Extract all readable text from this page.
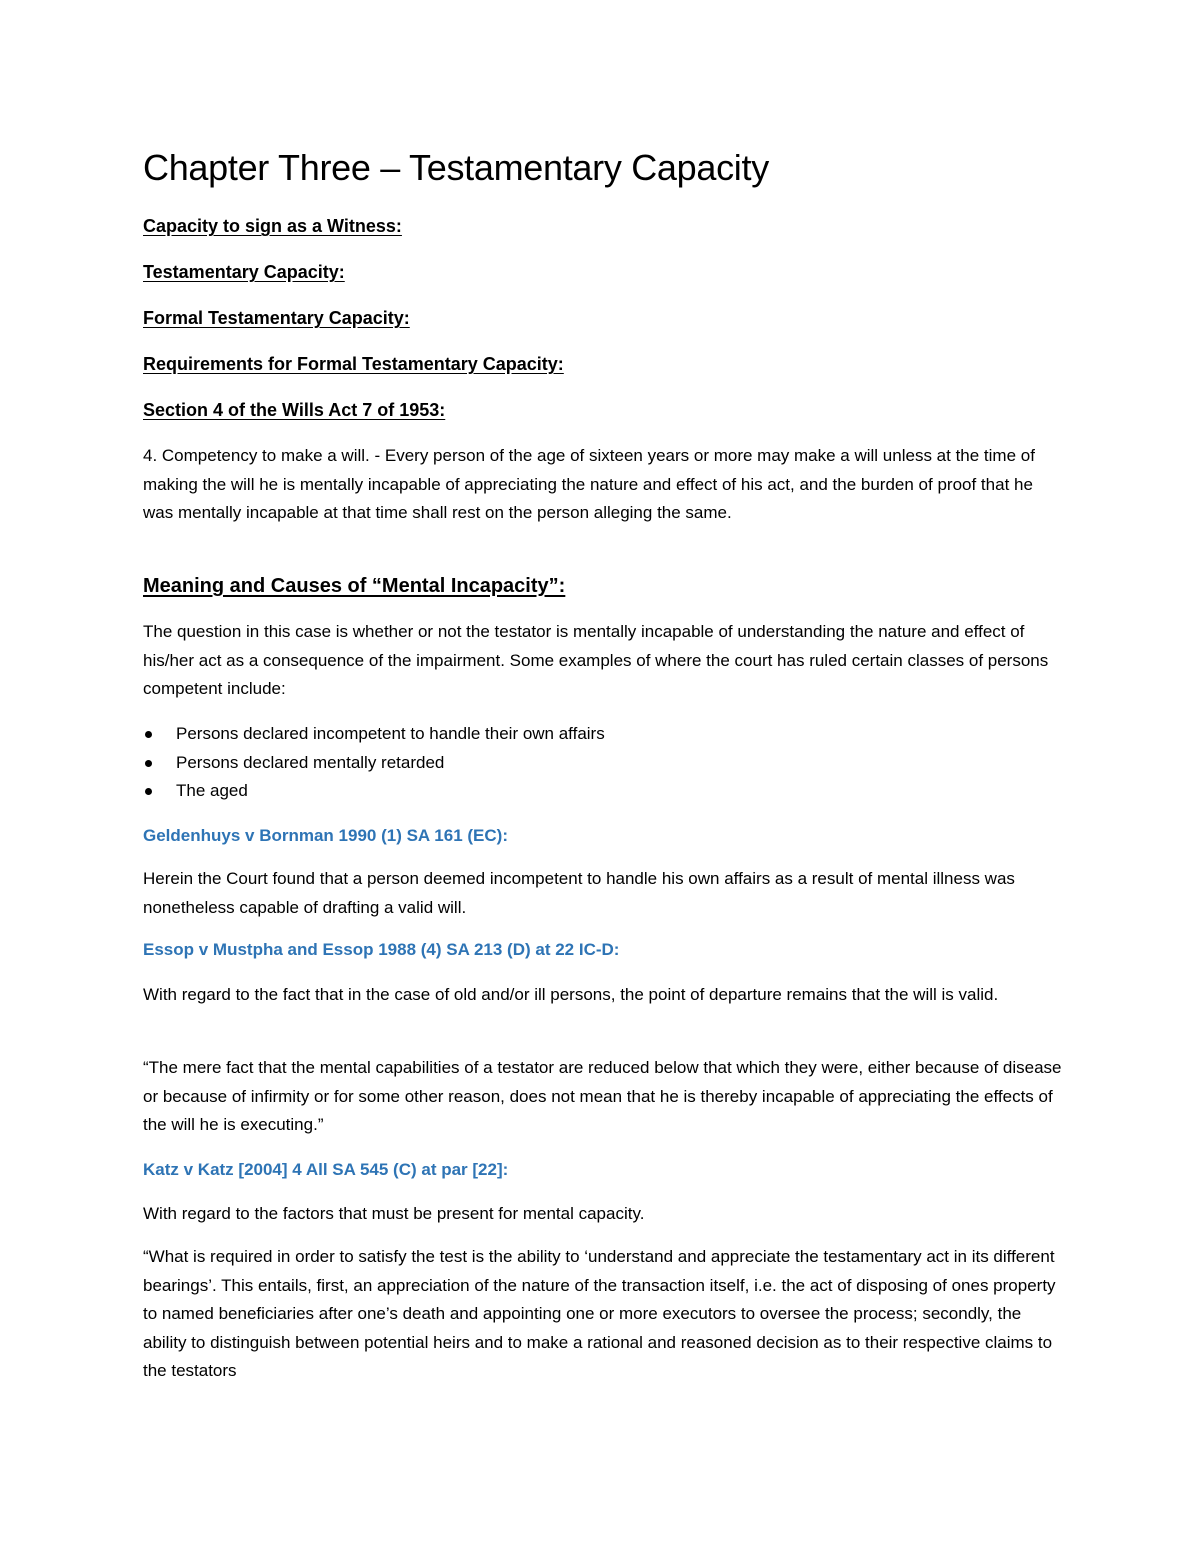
Chapter Three – Testamentary Capacity
Capacity to sign as a Witness:
Testamentary Capacity:
Formal Testamentary Capacity:
Requirements for Formal Testamentary Capacity:
Section 4 of the Wills Act 7 of 1953:

4. Competency to make a will. - Every person of the age of sixteen years or more may make a will unless at the time of making the will he is mentally incapable of appreciating the nature and effect of his act, and the burden of proof that he was mentally incapable at that time shall rest on the person alleging the same.

Meaning and Causes of “Mental Incapacity”:

The question in this case is whether or not the testator is mentally incapable of understanding the nature and effect of his/her act as a consequence of the impairment. Some examples of where the court has ruled certain classes of persons competent include:

Persons declared incompetent to handle their own affairs
Persons declared mentally retarded
The aged
Geldenhuys v Bornman 1990 (1) SA 161 (EC):

Herein the Court found that a person deemed incompetent to handle his own affairs as a result of mental illness was nonetheless capable of drafting a valid will.

Essop v Mustpha and Essop 1988 (4) SA 213 (D) at 22 IC-D:

With regard to the fact that in the case of old and/or ill persons, the point of departure remains that the will is valid.

“The mere fact that the mental capabilities of a testator are reduced below that which they were, either because of disease or because of infirmity or for some other reason, does not mean that he is thereby incapable of appreciating the effects of the will he is executing.”

Katz v Katz [2004] 4 All SA 545 (C) at par [22]:

With regard to the factors that must be present for mental capacity.

“What is required in order to satisfy the test is the ability to ‘understand and appreciate the testamentary act in its different bearings’. This entails, first, an appreciation of the nature of the transaction itself, i.e. the act of disposing of ones property to named beneficiaries after one’s death and appointing one or more executors to oversee the process; secondly, the ability to distinguish between potential heirs and to make a rational and reasoned decision as to their respective claims to the testators
